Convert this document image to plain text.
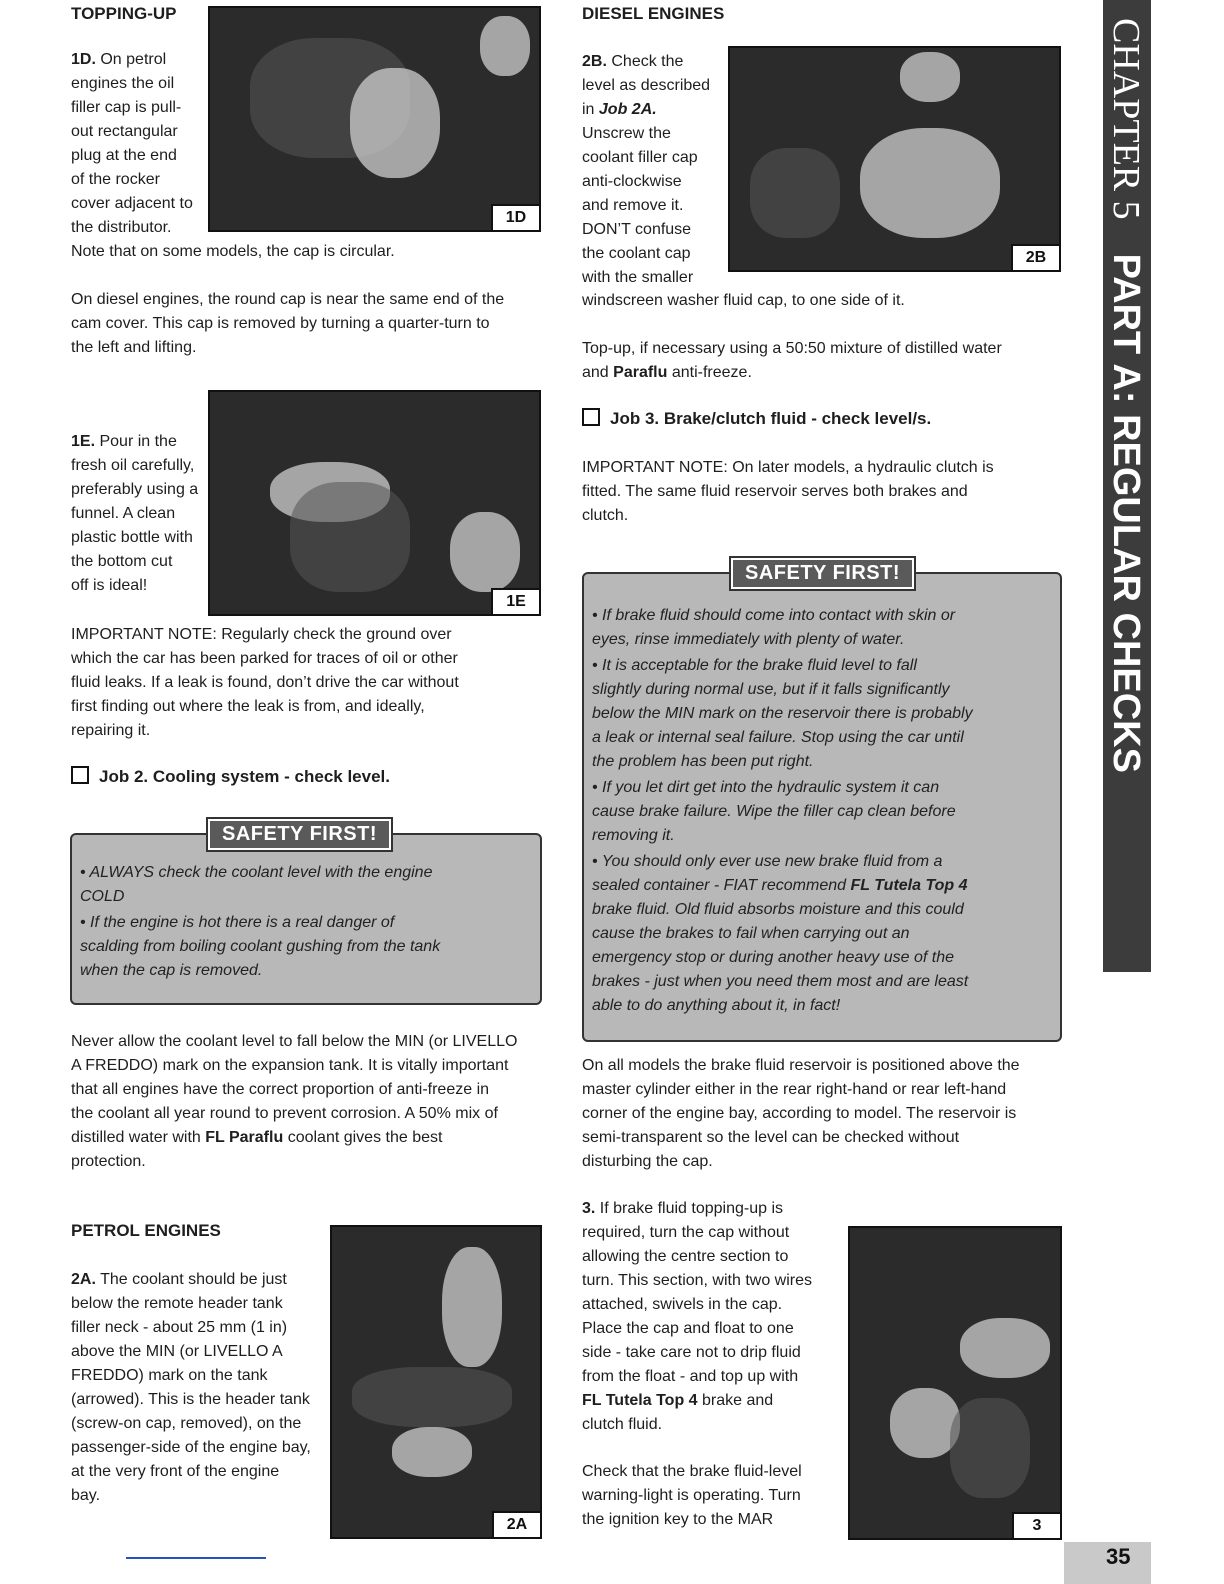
CHAPTER 5PART A: REGULAR CHECKS
TOPPING-UP
1D
1D. On petrol
engines the oil
filler cap is pull-
out rectangular
plug at the end
of the rocker
cover adjacent to
the distributor.
Note that on some models, the cap is circular.
On diesel engines, the round cap is near the same end of the
cam cover. This cap is removed by turning a quarter-turn to
the left and lifting.
1E
1E. Pour in the
fresh oil carefully,
preferably using a
funnel. A clean
plastic bottle with
the bottom cut
off is ideal!
IMPORTANT NOTE: Regularly check the ground over
which the car has been parked for traces of oil or other
fluid leaks. If a leak is found, don’t drive the car without
first finding out where the leak is from, and ideally,
repairing it.
Job 2. Cooling system - check level.

• ALWAYS check the coolant level with the engine
COLD

• If the engine is hot there is a real danger of
scalding from boiling coolant gushing from the tank
when the cap is removed.

SAFETY FIRST!
Never allow the coolant level to fall below the MIN (or LIVELLO
A FREDDO) mark on the expansion tank. It is vitally important
that all engines have the correct proportion of anti-freeze in
the coolant all year round to prevent corrosion. A 50% mix of
distilled water with FL Paraflu coolant gives the best
protection.
PETROL ENGINES
2A. The coolant should be just
below the remote header tank
filler neck - about 25 mm (1 in)
above the MIN (or LIVELLO A
FREDDO) mark on the tank
(arrowed). This is the header tank
(screw-on cap, removed), on the
passenger-side of the engine bay,
at the very front of the engine
bay.
2A
DIESEL ENGINES
2B
2B. Check the
level as described
in Job 2A.
Unscrew the
coolant filler cap
anti-clockwise
and remove it.
DON’T confuse
the coolant cap
with the smaller
windscreen washer fluid cap, to one side of it.
Top-up, if necessary using a 50:50 mixture of distilled water
and Paraflu anti-freeze.
Job 3. Brake/clutch fluid - check level/s.
IMPORTANT NOTE: On later models, a hydraulic clutch is
fitted. The same fluid reservoir serves both brakes and
clutch.

• If brake fluid should come into contact with skin or
eyes, rinse immediately with plenty of water.

• It is acceptable for the brake fluid level to fall
slightly during normal use, but if it falls significantly
below the MIN mark on the reservoir there is probably
a leak or internal seal failure. Stop using the car until
the problem has been put right.

• If you let dirt get into the hydraulic system it can
cause brake failure. Wipe the filler cap clean before
removing it.

• You should only ever use new brake fluid from a
sealed container - FIAT recommend FL Tutela Top 4
brake fluid. Old fluid absorbs moisture and this could
cause the brakes to fail when carrying out an
emergency stop or during another heavy use of the
brakes - just when you need them most and are least
able to do anything about it, in fact!

SAFETY FIRST!
On all models the brake fluid reservoir is positioned above the
master cylinder either in the rear right-hand or rear left-hand
corner of the engine bay, according to model. The reservoir is
semi-transparent so the level can be checked without
disturbing the cap.
3. If brake fluid topping-up is
required, turn the cap without
allowing the centre section to
turn. This section, with two wires
attached, swivels in the cap.
Place the cap and float to one
side - take care not to drip fluid
from the float - and top up with
FL Tutela Top 4 brake and
clutch fluid.
Check that the brake fluid-level
warning-light is operating. Turn
the ignition key to the MAR	3
35
